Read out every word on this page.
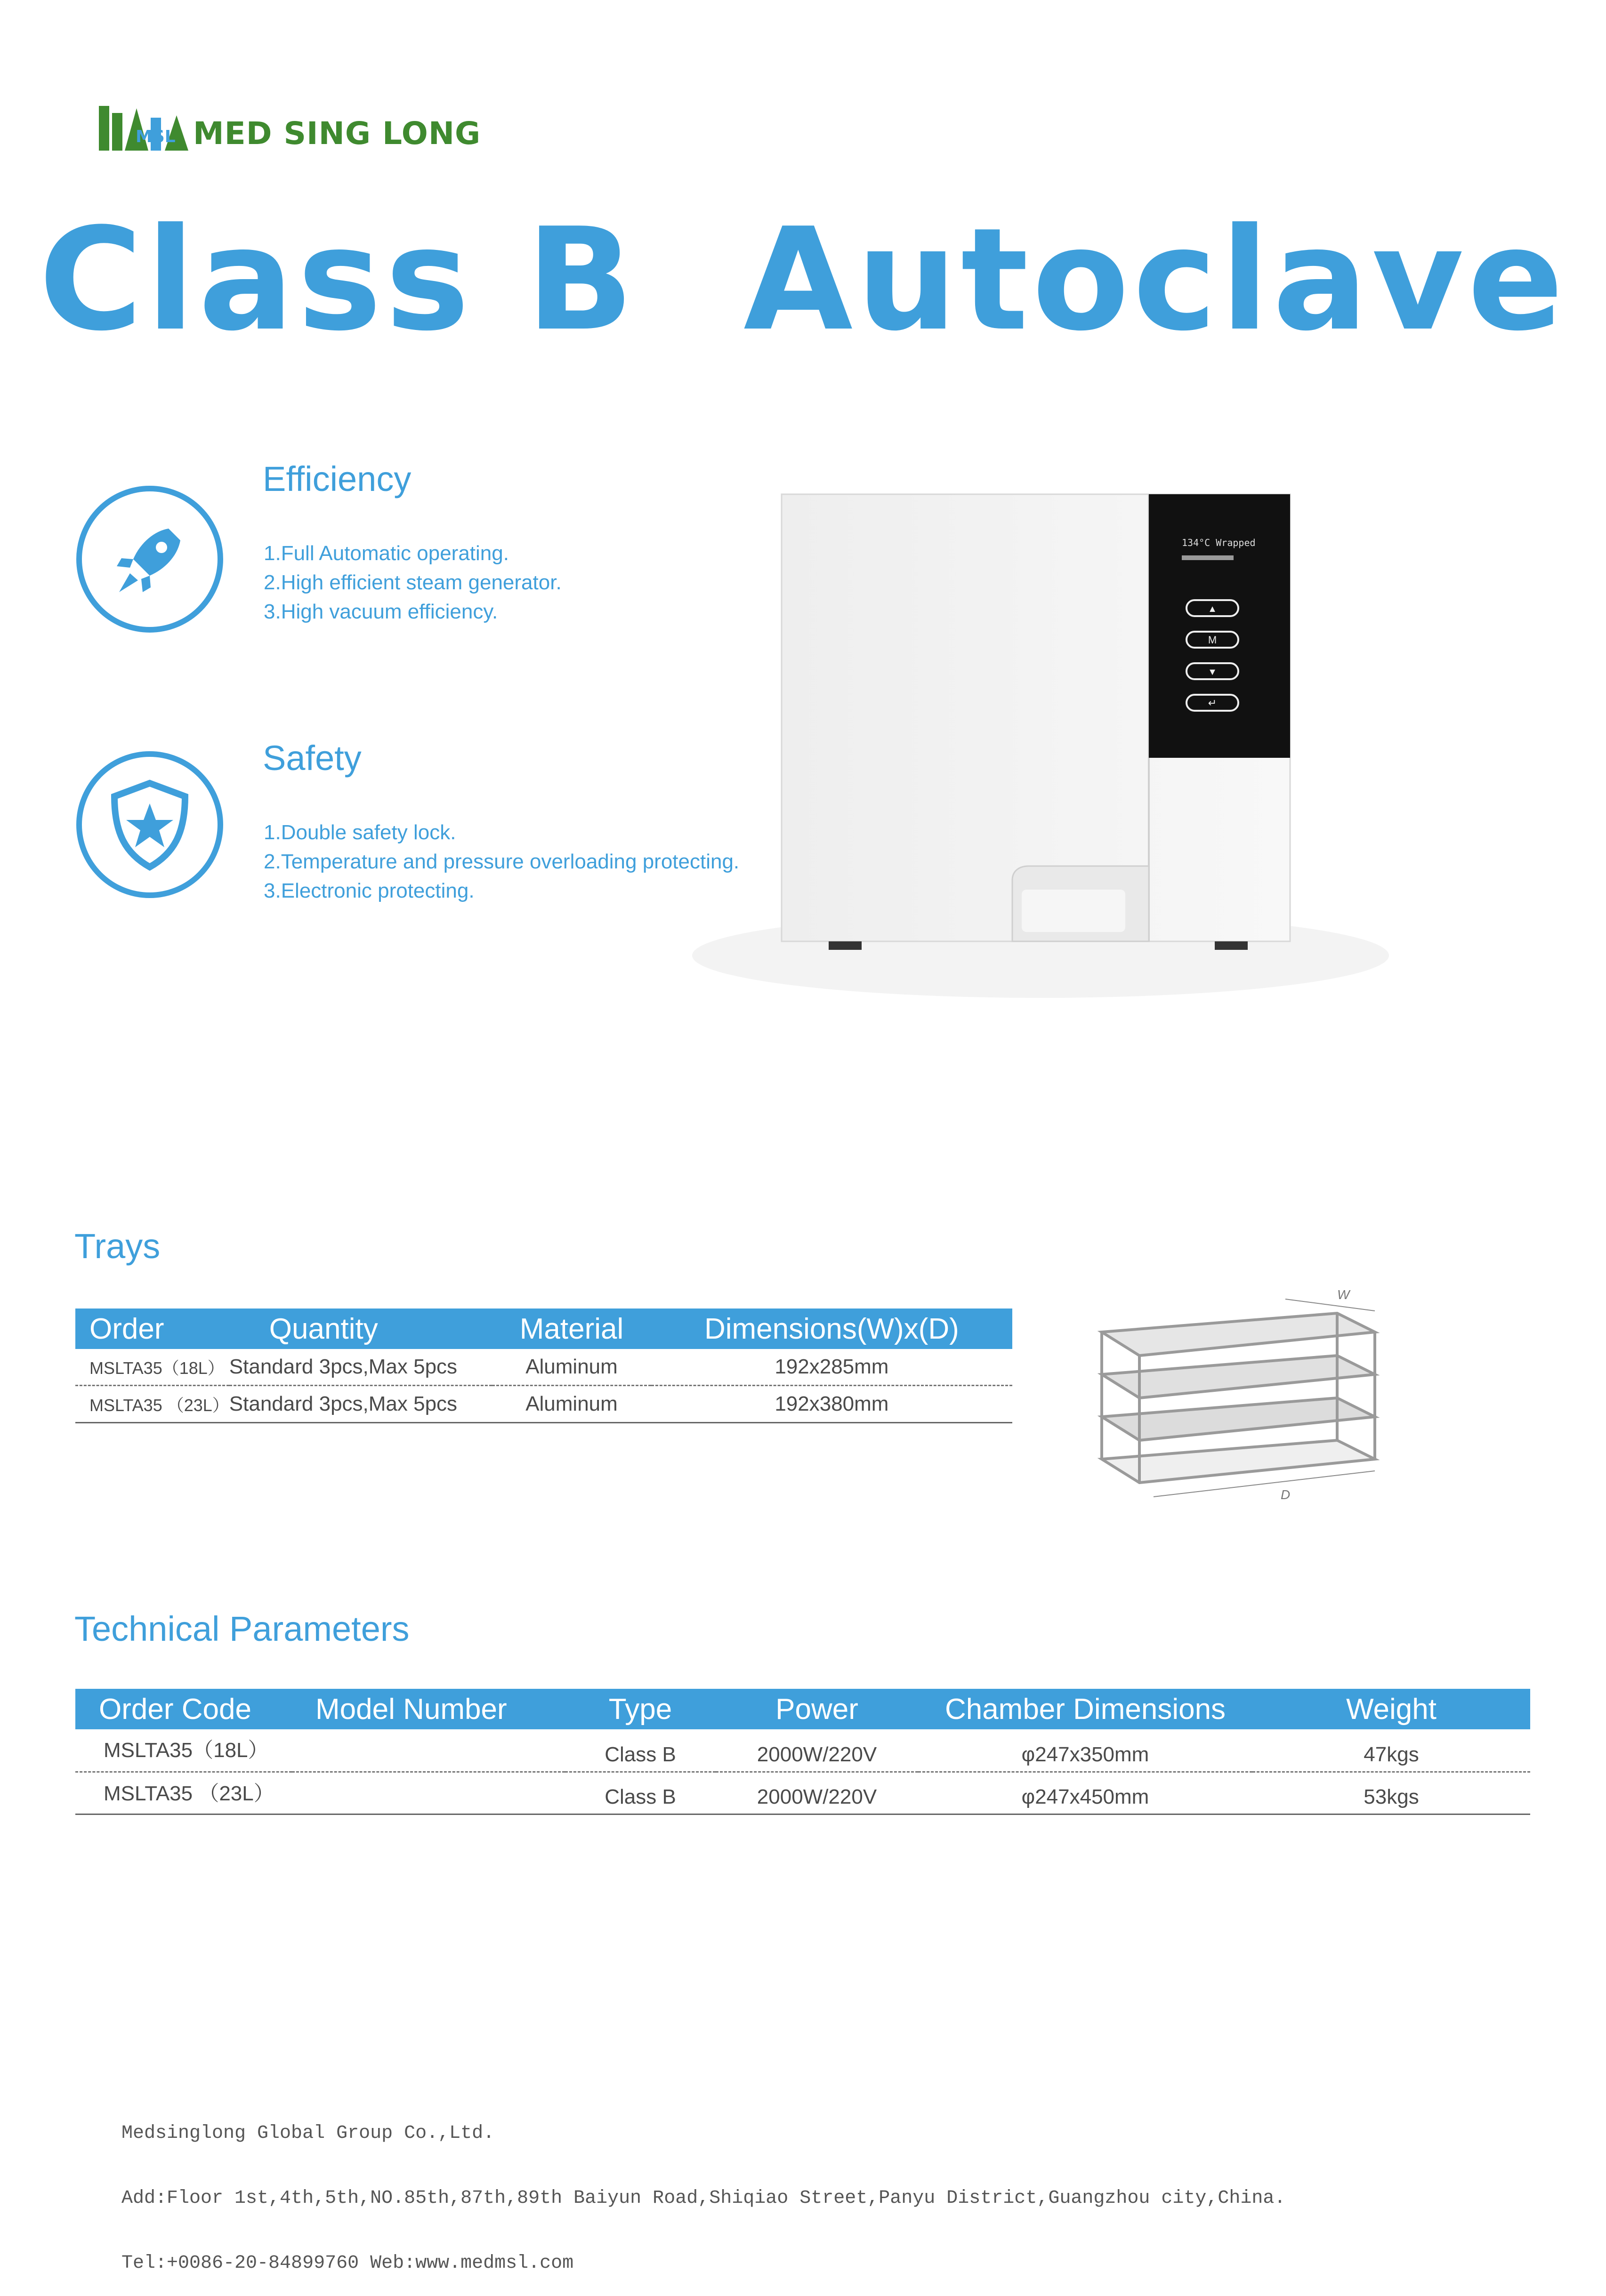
MSL MED SING LONG
Class B  Autoclave
Efficiency
1.Full Automatic operating.
2.High efficient steam generator.
3.High vacuum efficiency.
Safety
1.Double safety lock.
2.Temperature and pressure overloading protecting.
3.Electronic protecting.
134°C Wrapped
▲
M
▼
↵
Trays
Order	Quantity	Material	Dimensions(W)x(D)
MSLTA35（18L）	Standard 3pcs,Max 5pcs	Aluminum	192x285mm
MSLTA35 （23L）	Standard 3pcs,Max 5pcs	Aluminum	192x380mm
W
D
Technical Parameters
Order Code	Model Number	Type	Power	Chamber Dimensions	Weight
MSLTA35（18L）		Class B	2000W/220V	φ247x350mm	47kgs
MSLTA35 （23L）		Class B	2000W/220V	φ247x450mm	53kgs

Medsinglong Global Group Co.,Ltd.

Add:Floor 1st,4th,5th,NO.85th,87th,89th Baiyun Road,Shiqiao Street,Panyu District,Guangzhou city,China.

Tel:+0086-20-84899760 Web:www.medmsl.com
